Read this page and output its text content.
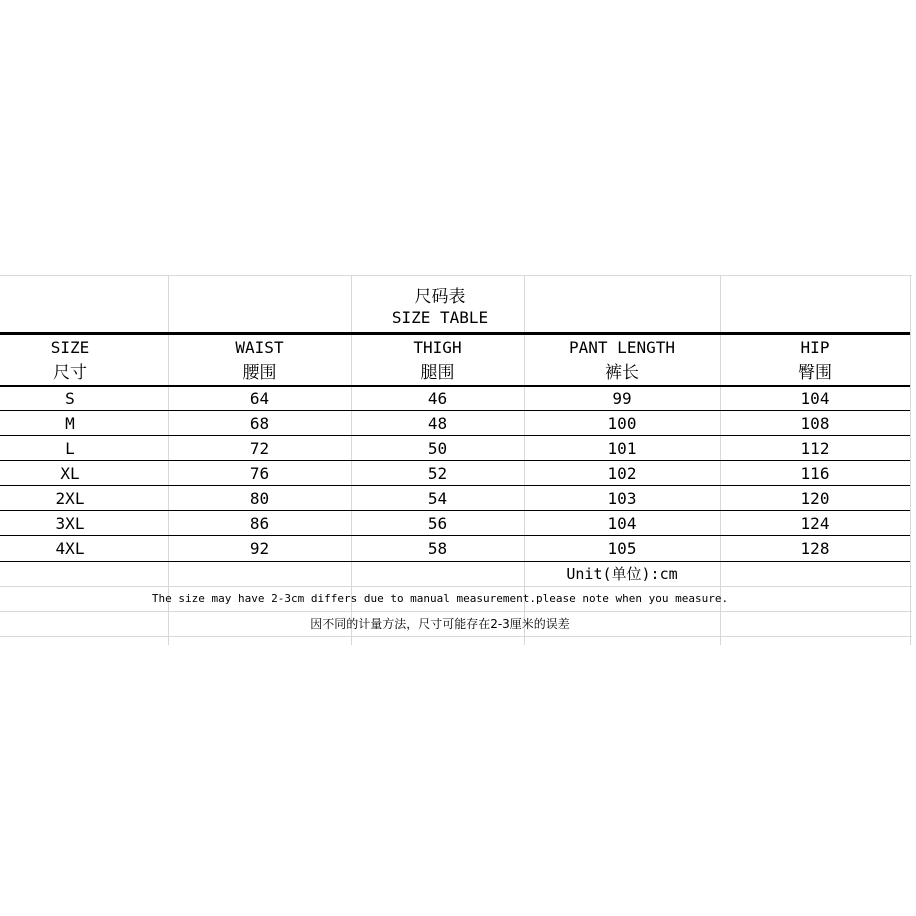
尺码表
SIZE TABLE
SIZE	WAIST	THIGH	PANT LENGTH	HIP
尺寸	腰围	腿围	裤长	臀围
S	64	46	99	104
M	68	48	100	108
L	72	50	101	112
XL	76	52	102	116
2XL	80	54	103	120
3XL	86	56	104	124
4XL	92	58	105	128
Unit(单位):cm
The size may have 2-3cm differs due to manual measurement.please note when you measure.
因不同的计量方法，尺寸可能存在2-3厘米的误差
